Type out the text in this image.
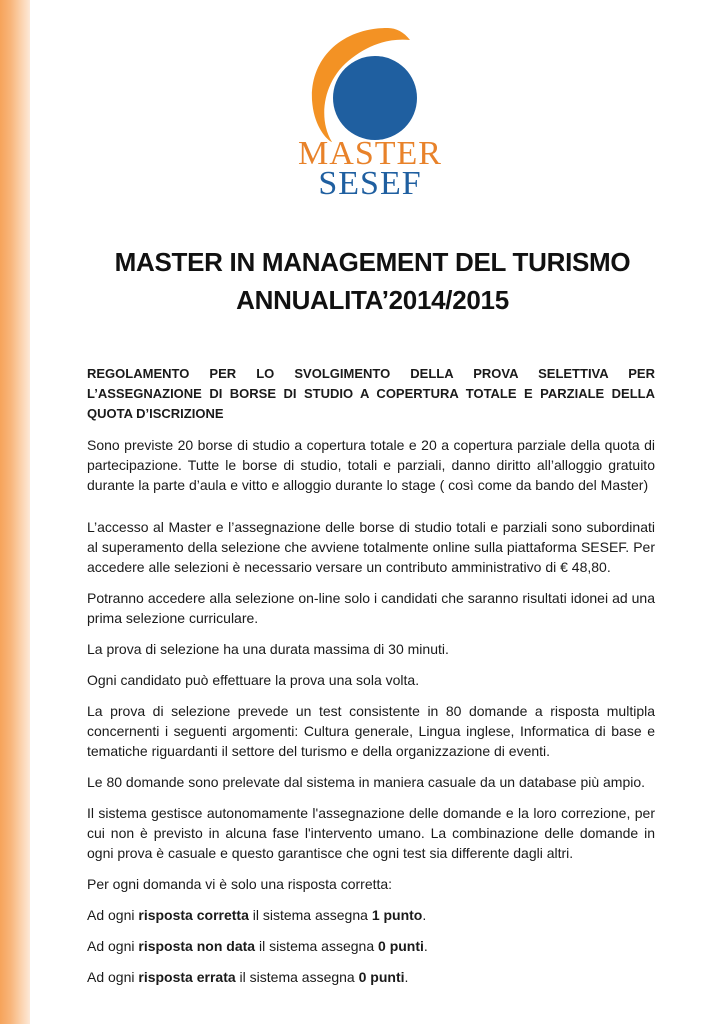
MASTER
SESEF
MASTER IN MANAGEMENT DEL TURISMO
ANNUALITA’2014/2015

REGOLAMENTO PER LO SVOLGIMENTO DELLA PROVA SELETTIVA PER L’ASSEGNAZIONE DI BORSE DI STUDIO A COPERTURA TOTALE E PARZIALE DELLA QUOTA D’ISCRIZIONE

Sono previste 20 borse di studio a copertura totale e 20 a copertura parziale della quota di partecipazione. Tutte le borse di studio, totali e parziali, danno diritto all’alloggio gratuito durante la parte d’aula e vitto e alloggio durante lo stage ( così come da bando del Master)

L’accesso al Master e l’assegnazione delle borse di studio totali e parziali sono subordinati al superamento della selezione che avviene totalmente online sulla piattaforma SESEF. Per accedere alle selezioni è necessario versare un contributo amministrativo di € 48,80.

Potranno accedere alla selezione on-line solo i candidati che saranno risultati idonei ad una prima selezione curriculare.

La prova di selezione ha una durata massima di 30 minuti.

Ogni candidato può effettuare la prova una sola volta.

La prova di selezione prevede un test consistente in 80 domande a risposta multipla concernenti i seguenti argomenti: Cultura generale, Lingua inglese, Informatica di base e tematiche riguardanti il settore del turismo e della organizzazione di eventi.

Le 80 domande sono prelevate dal sistema in maniera casuale da un database più ampio.

Il sistema gestisce autonomamente l'assegnazione delle domande e la loro correzione, per cui non è previsto in alcuna fase l'intervento umano. La combinazione delle domande in ogni prova è casuale e questo garantisce che ogni test sia differente dagli altri.

Per ogni domanda vi è solo una risposta corretta:

Ad ogni risposta corretta il sistema assegna 1 punto.

Ad ogni risposta non data il sistema assegna 0 punti.

Ad ogni risposta errata il sistema assegna 0 punti.
